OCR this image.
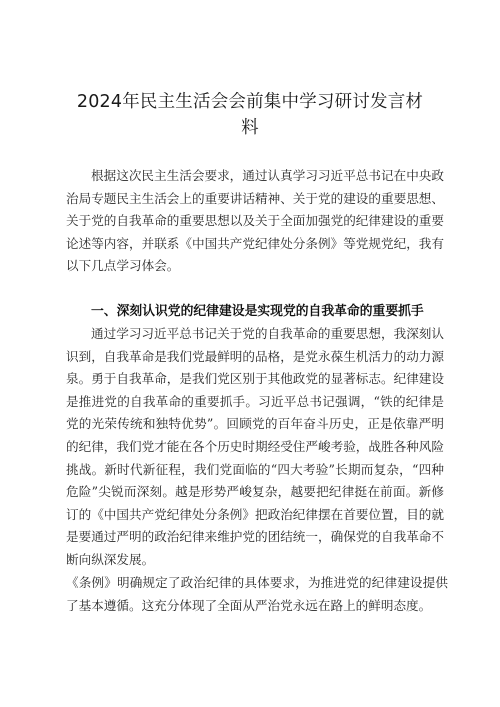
2024年民主生活会会前集中学习研讨发言材料
根据这次民主生活会要求，通过认真学习习近平总书记在中央政治局专题民主生活会上的重要讲话精神、关于党的建设的重要思想、关于党的自我革命的重要思想以及关于全面加强党的纪律建设的重要论述等内容，并联系《中国共产党纪律处分条例》等党规党纪，我有以下几点学习体会。
一、深刻认识党的纪律建设是实现党的自我革命的重要抓手
通过学习习近平总书记关于党的自我革命的重要思想，我深刻认识到，自我革命是我们党最鲜明的品格，是党永葆生机活力的动力源泉。勇于自我革命，是我们党区别于其他政党的显著标志。纪律建设是推进党的自我革命的重要抓手。习近平总书记强调，“铁的纪律是党的光荣传统和独特优势”。回顾党的百年奋斗历史，正是依靠严明的纪律，我们党才能在各个历史时期经受住严峻考验，战胜各种风险挑战。新时代新征程，我们党面临的“四大考验”长期而复杂，“四种危险”尖锐而深刻。越是形势严峻复杂，越要把纪律挺在前面。新修订的《中国共产党纪律处分条例》把政治纪律摆在首要位置，目的就是要通过严明的政治纪律来维护党的团结统一，确保党的自我革命不断向纵深发展。
《条例》明确规定了政治纪律的具体要求，为推进党的纪律建设提供了基本遵循。这充分体现了全面从严治党永远在路上的鲜明态度。
